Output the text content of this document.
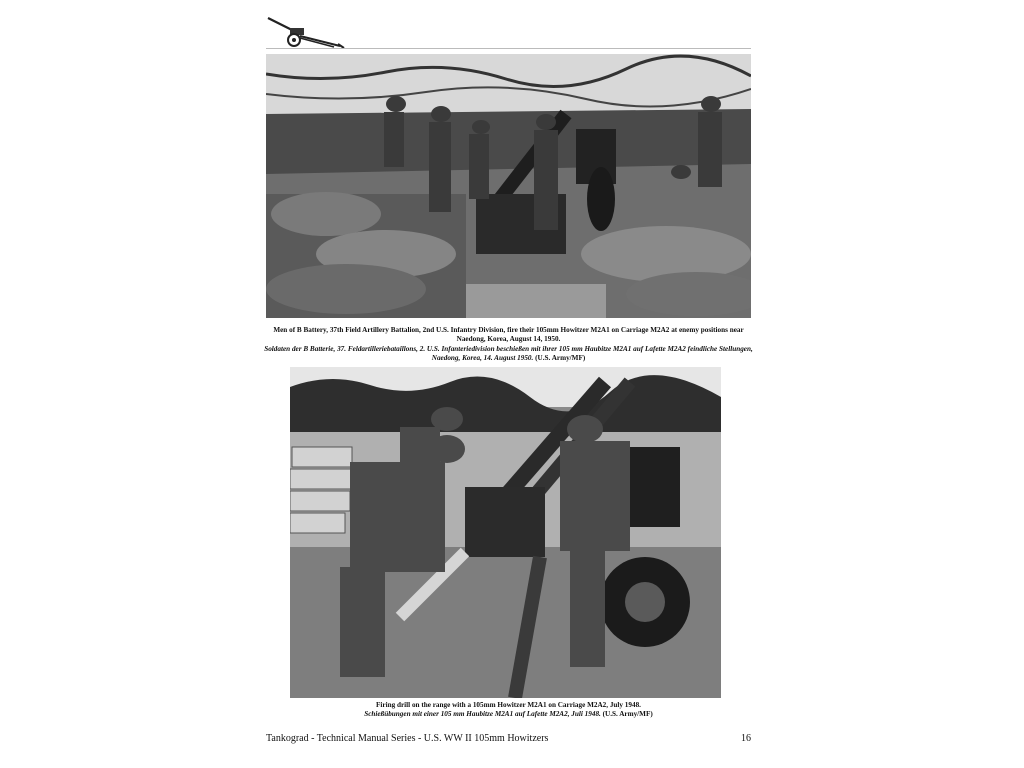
Men of B Battery, 37th Field Artillery Battalion, 2nd U.S. Infantry Division, fire their 105mm Howitzer M2A1 on Carriage M2A2 at enemy positions near Naedong, Korea, August 14, 1950.
Soldaten der B Batterie, 37. Feldartilleriebataillons, 2. U.S. Infanteriedivision beschießen mit ihrer 105 mm Haubitze M2A1 auf Lafette M2A2 feindliche Stellungen, Naedong, Korea, 14. August 1950. (U.S. Army/MF)
Firing drill on the range with a 105mm Howitzer M2A1 on Carriage M2A2, July 1948.
Schießübungen mit einer 105 mm Haubitze M2A1 auf Lafette M2A2, Juli 1948. (U.S. Army/MF)
Tankograd - Technical Manual Series - U.S. WW II 105mm Howitzers	16
